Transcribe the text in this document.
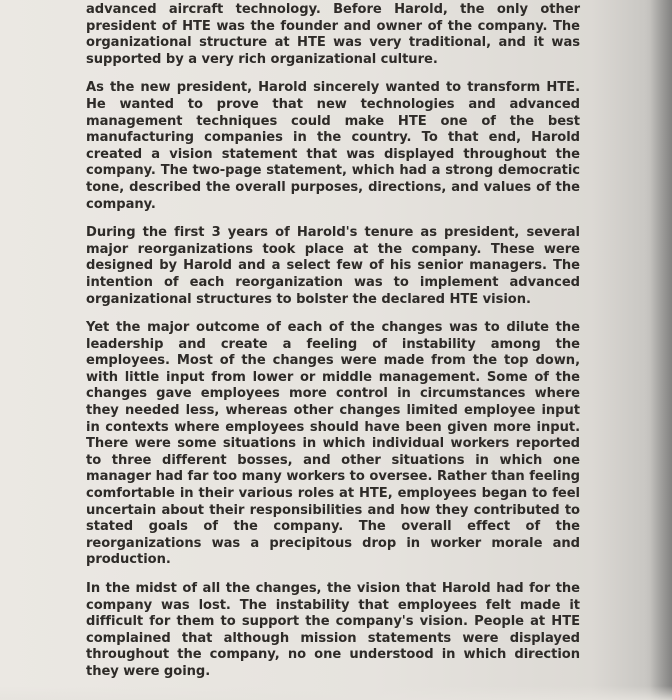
advanced aircraft technology. Before Harold, the only other president of HTE was the founder and owner of the company. The organizational structure at HTE was very traditional, and it was supported by a very rich organizational culture.

As the new president, Harold sincerely wanted to transform HTE. He wanted to prove that new technologies and advanced management techniques could make HTE one of the best manufacturing companies in the country. To that end, Harold created a vision statement that was displayed throughout the company. The two-page statement, which had a strong democratic tone, described the overall purposes, directions, and values of the company.

During the first 3 years of Harold's tenure as president, several major reorganizations took place at the company. These were designed by Harold and a select few of his senior managers. The intention of each reorganization was to implement advanced organizational structures to bolster the declared HTE vision.

Yet the major outcome of each of the changes was to dilute the leadership and create a feeling of instability among the employees. Most of the changes were made from the top down, with little input from lower or middle management. Some of the changes gave employees more control in circumstances where they needed less, whereas other changes limited employee input in contexts where employees should have been given more input. There were some situations in which individual workers reported to three different bosses, and other situations in which one manager had far too many workers to oversee. Rather than feeling comfortable in their various roles at HTE, employees began to feel uncertain about their responsibilities and how they contributed to stated goals of the company. The overall effect of the reorganizations was a precipitous drop in worker morale and production.

In the midst of all the changes, the vision that Harold had for the company was lost. The instability that employees felt made it difficult for them to support the company's vision. People at HTE complained that although mission statements were displayed throughout the company, no one understood in which direction they were going.
